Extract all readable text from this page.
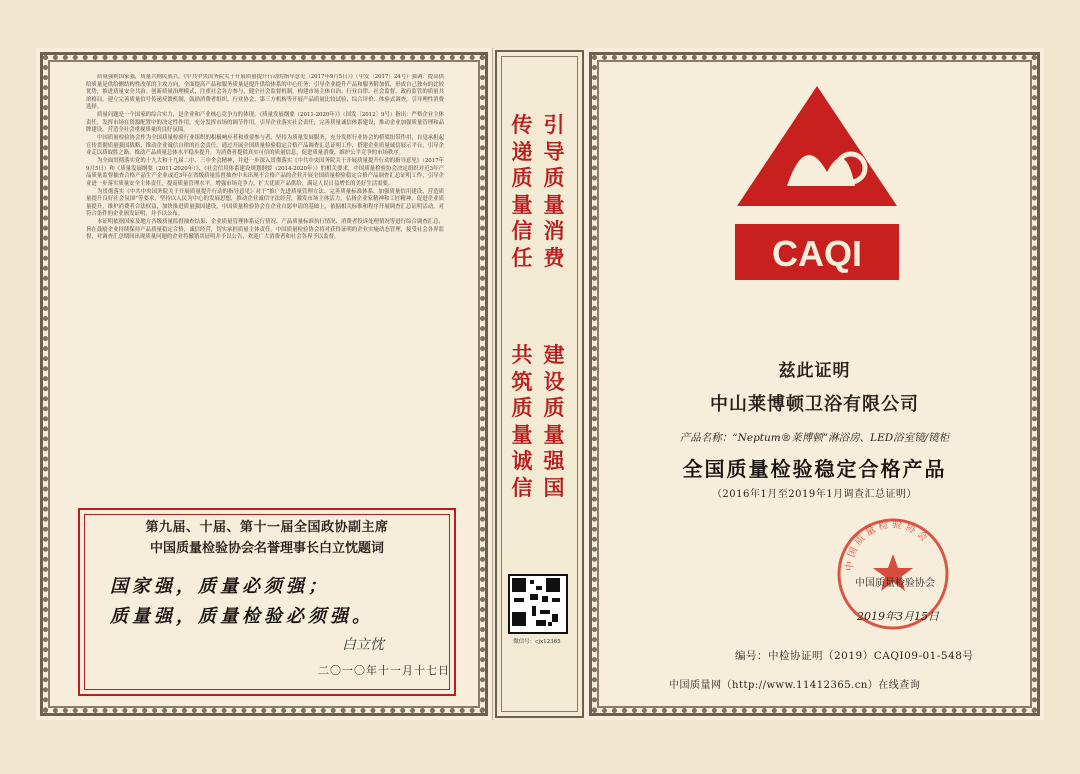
质量强则国家强，质量兴则民族兴。《中共中央国务院关于开展质量提升行动的指导意见（2017年9月5日）》（中发〔2017〕24号）强调：提高供给质量是供给侧结构性改革的主攻方向，全面提高产品和服务质量是提升供给体系的中心任务；引导企业提升产品和服务附加值，形成自己独有的比较优势，推进质量安全共治。创新质量治理模式，注重社会各方参与，健全社会监督机制，构建市场主体自治、行业自律、社会监督、政府监管的质量共治格局。建立完善质量信号传递反馈机制，鼓励消费者组织、行业协会、第三方机构等开展产品质量比较试验、综合评价、体验式调查，引导理性消费选择。

质量问题是一个国家的综合实力，是企业和产业核心竞争力的体现。《质量发展纲要（2011-2020年）》（国发〔2012〕9号）指出：严格企业主体责任，发挥市场在资源配置中的决定性作用，充分发挥市场的调节作用，引导企业落实社会责任，完善质量诚信体系建设，推动企业加强质量管理和品牌建设，营造全社会重视质量的良好氛围。

中国质量检验协会作为全国质量检验行业组织的积极响应者和重要参与者，坚持为质量发展服务，充分发挥行业协会的桥梁纽带作用，自觉承担起宣传贯彻质量强国战略、推动企业诚信自律的社会责任。通过开展全国质量检验稳定合格产品调查汇总证明工作，搭建企业质量诚信展示平台，引导企业走以质取胜之路，推动产品质量总体水平稳步提升，为消费者提供真实可信的质量信息，促进质量消费，维护公平竞争的市场秩序。

为全面贯彻落实党的十九大和十九届二中、三中全会精神，并进一步深入贯彻落实《中共中央国务院关于开展质量提升行动的指导意见》（2017年9月5日）和《质量发展纲要（2011-2020年）》、《社会信用体系建设规划纲要（2014-2020年）》的相关要求，中国质量检验协会决定组织对近3年产品质量监督抽查合格产品生产企业或近3年在省级质量监督抽查中未出现不合格产品的企业开展全国质量检验稳定合格产品调查汇总证明工作，引导企业进一步落实质量安全主体责任，提高质量管理水平，增强市场竞争力，扩大优质产品供给，满足人民日益增长的美好生活需要。

为贯彻落实《中共中央国务院关于开展质量提升行动的指导意见》对于“推广先进质量管理方法、完善质量标准体系、加强质量信用建设、营造质量提升良好社会氛围”等要求，坚持以人民为中心的发展思想，推动企业诚信守法经营，激发市场主体活力，弘扬企业家精神和工匠精神，促进企业质量提升，维护消费者合法权益，加快推进质量强国建设，中国质量检验协会在企业自愿申请的基础上，依据相关标准和程序开展调查汇总证明活动，对符合条件的企业颁发证明，并予以公布。

本证明依据国家及地方各级质量监督抽查结果、企业质量管理体系运行情况、产品质量标准执行情况、消费者投诉处理情况等进行综合调查汇总，旨在鼓励企业持续保持产品质量稳定合格，诚信经营，切实承担质量主体责任。中国质量检验协会将对获得证明的企业实施动态管理，接受社会各界监督，对调查汇总期间出现质量问题的企业将撤销其证明并予以公告，欢迎广大消费者和社会各界予以监督。

第九届、十届、第十一届全国政协副主席
中国质量检验协会名誉理事长白立忱题词
国家强，质量必须强；
质量强，质量检验必须强。
白立忱
二〇一〇年十一月十七日
引
导
质
量
消
费
传
递
质
量
信
任
建
设
质
量
强
国
共
筑
质
量
诚
信
微信号：cjx12365
CAQI
兹此证明
中山莱博顿卫浴有限公司
产品名称：“Neptum®莱博顿”淋浴房、LED浴室镜/镜柜
全国质量检验稳定合格产品
（2016年1月至2019年1月调查汇总证明）
中国质量检验协会
中国质量检验协会
2019年3月15日
编号：中检协证明（2019）CAQI09-01-548号
中国质量网（http://www.11412365.cn）在线查询
